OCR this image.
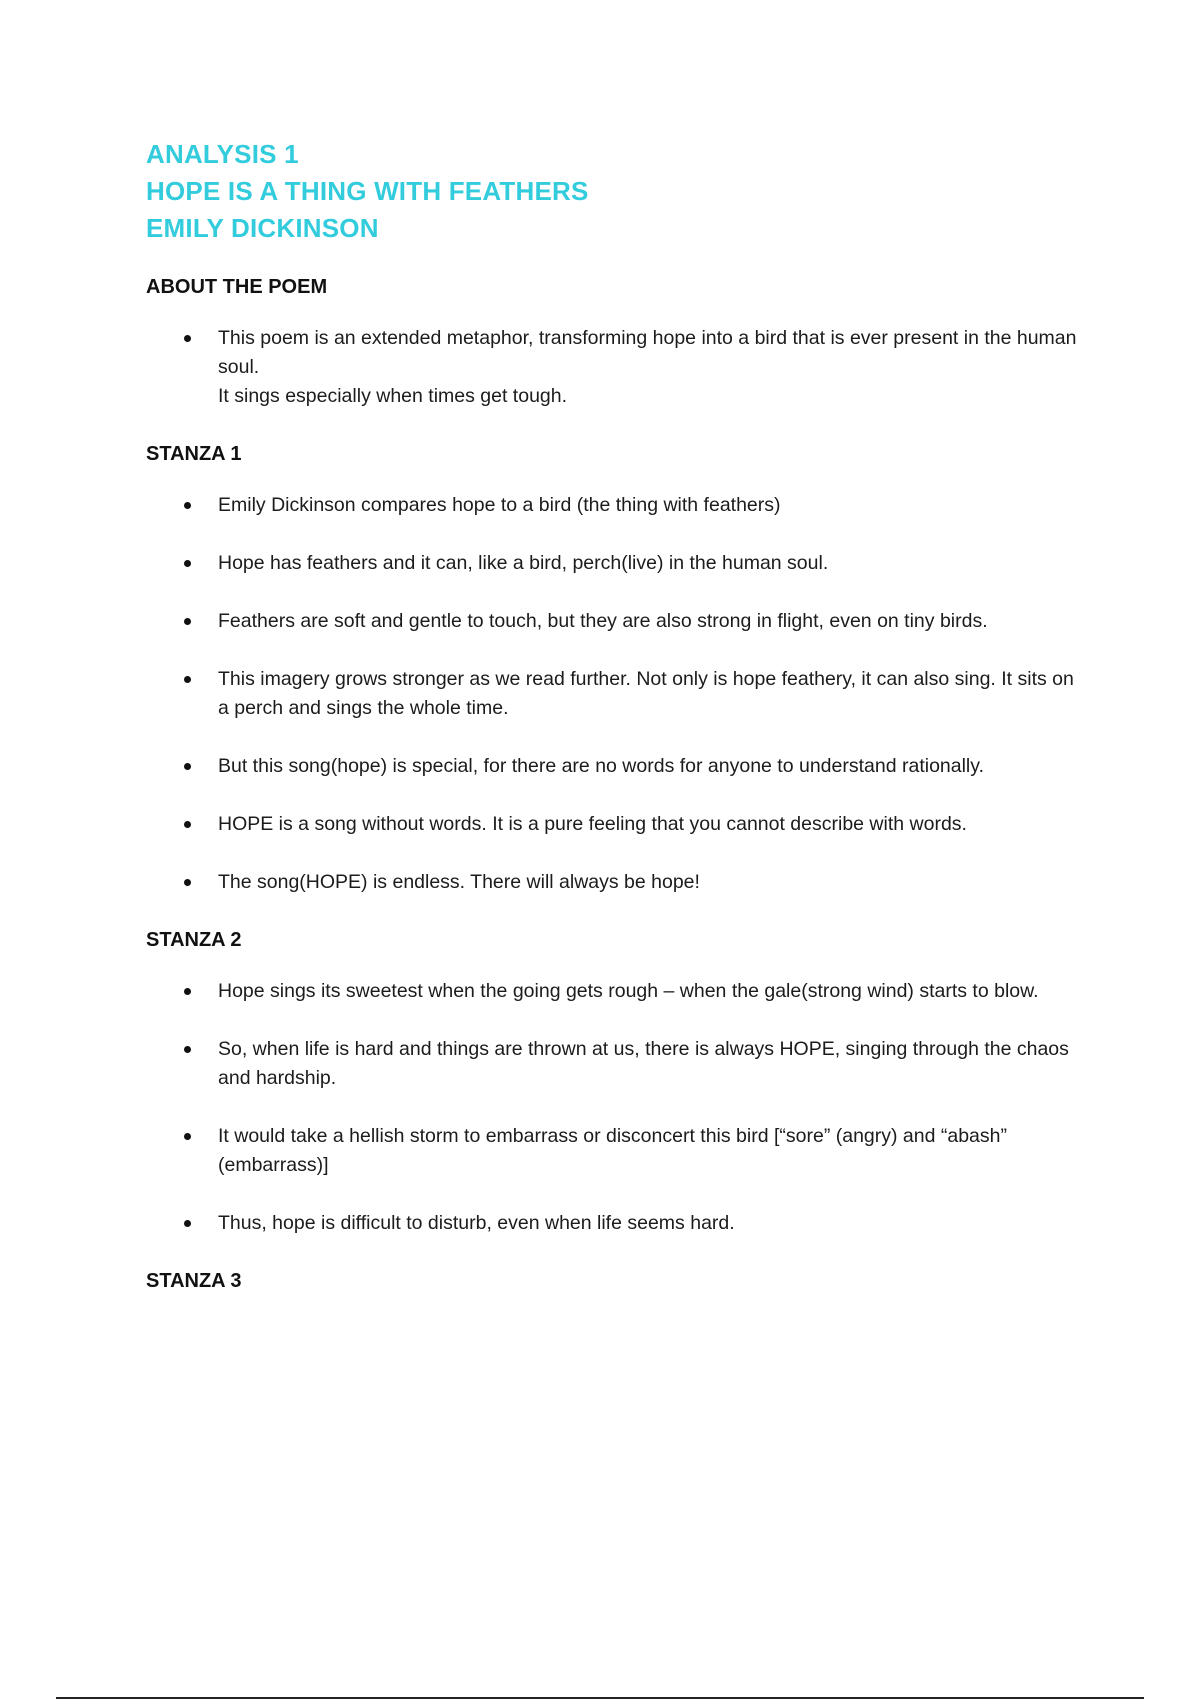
ANALYSIS 1
HOPE IS A THING WITH FEATHERS
EMILY DICKINSON
ABOUT THE POEM
This poem is an extended metaphor, transforming hope into a bird that is ever present in the human soul.
It sings especially when times get tough.
STANZA 1
Emily Dickinson compares hope to a bird (the thing with feathers)
Hope has feathers and it can, like a bird, perch(live) in the human soul.
Feathers are soft and gentle to touch, but they are also strong in flight, even on tiny birds.
This imagery grows stronger as we read further. Not only is hope feathery, it can also sing. It sits on a perch and sings the whole time.
But this song(hope) is special, for there are no words for anyone to understand rationally.
HOPE is a song without words. It is a pure feeling that you cannot describe with words.
The song(HOPE) is endless. There will always be hope!
STANZA 2
Hope sings its sweetest when the going gets rough – when the gale(strong wind) starts to blow.
So, when life is hard and things are thrown at us, there is always HOPE, singing through the chaos and hardship.
It would take a hellish storm to embarrass or disconcert this bird [“sore” (angry) and “abash” (embarrass)]
Thus, hope is difficult to disturb, even when life seems hard.
STANZA 3
